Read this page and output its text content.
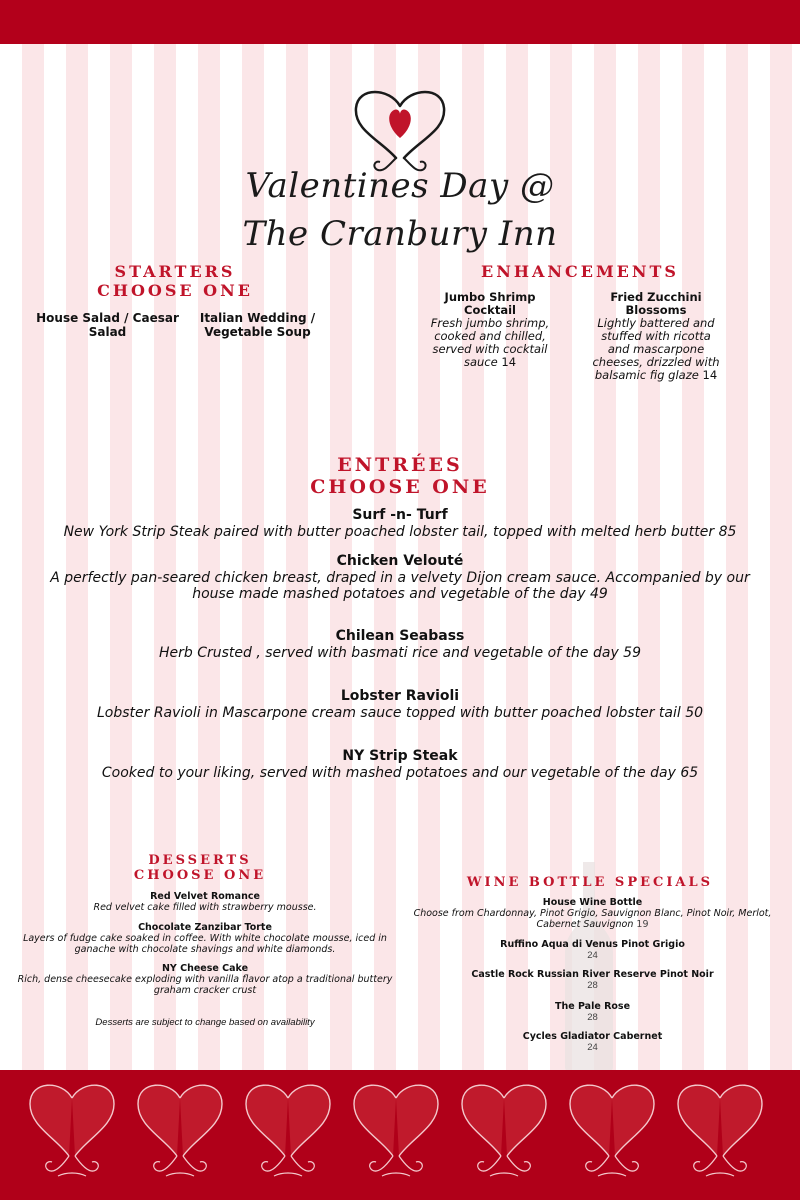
Valentines Day @
The Cranbury Inn
STARTERS
CHOOSE ONE
House Salad / Caesar Salad
Italian Wedding / Vegetable Soup
ENHANCEMENTS
Jumbo Shrimp Cocktail
Fresh jumbo shrimp, cooked and chilled, served with cocktail sauce 14
Fried Zucchini Blossoms
Lightly battered and stuffed with ricotta and mascarpone cheeses, drizzled with balsamic fig glaze 14
ENTRÉES
CHOOSE ONE
Surf -n- Turf
New York Strip Steak paired with butter poached lobster tail, topped with melted herb butter 85
Chicken Velouté
A perfectly pan-seared chicken breast, draped in a velvety Dijon cream sauce. Accompanied by our house made mashed potatoes and vegetable of the day 49
Chilean Seabass
Herb Crusted , served with basmati rice and vegetable of the day 59
Lobster Ravioli
Lobster Ravioli in Mascarpone cream sauce topped with butter poached lobster tail 50
NY Strip Steak
Cooked to your liking, served with mashed potatoes and our vegetable of the day 65
DESSERTS
CHOOSE ONE
Red Velvet Romance
Red velvet cake filled with strawberry mousse.
Chocolate Zanzibar Torte
Layers of fudge cake soaked in coffee. With white chocolate mousse, iced in ganache with chocolate shavings and white diamonds.
NY Cheese Cake
Rich, dense cheesecake exploding with vanilla flavor atop a traditional buttery graham cracker crust
Desserts are subject to change based on availability
WINE BOTTLE SPECIALS
House Wine Bottle
Choose from Chardonnay, Pinot Grigio, Sauvignon Blanc, Pinot Noir, Merlot, Cabernet Sauvignon 19
Ruffino Aqua di Venus Pinot Grigio
24
Castle Rock Russian River Reserve Pinot Noir
28
The Pale Rose
28
Cycles Gladiator Cabernet
24
